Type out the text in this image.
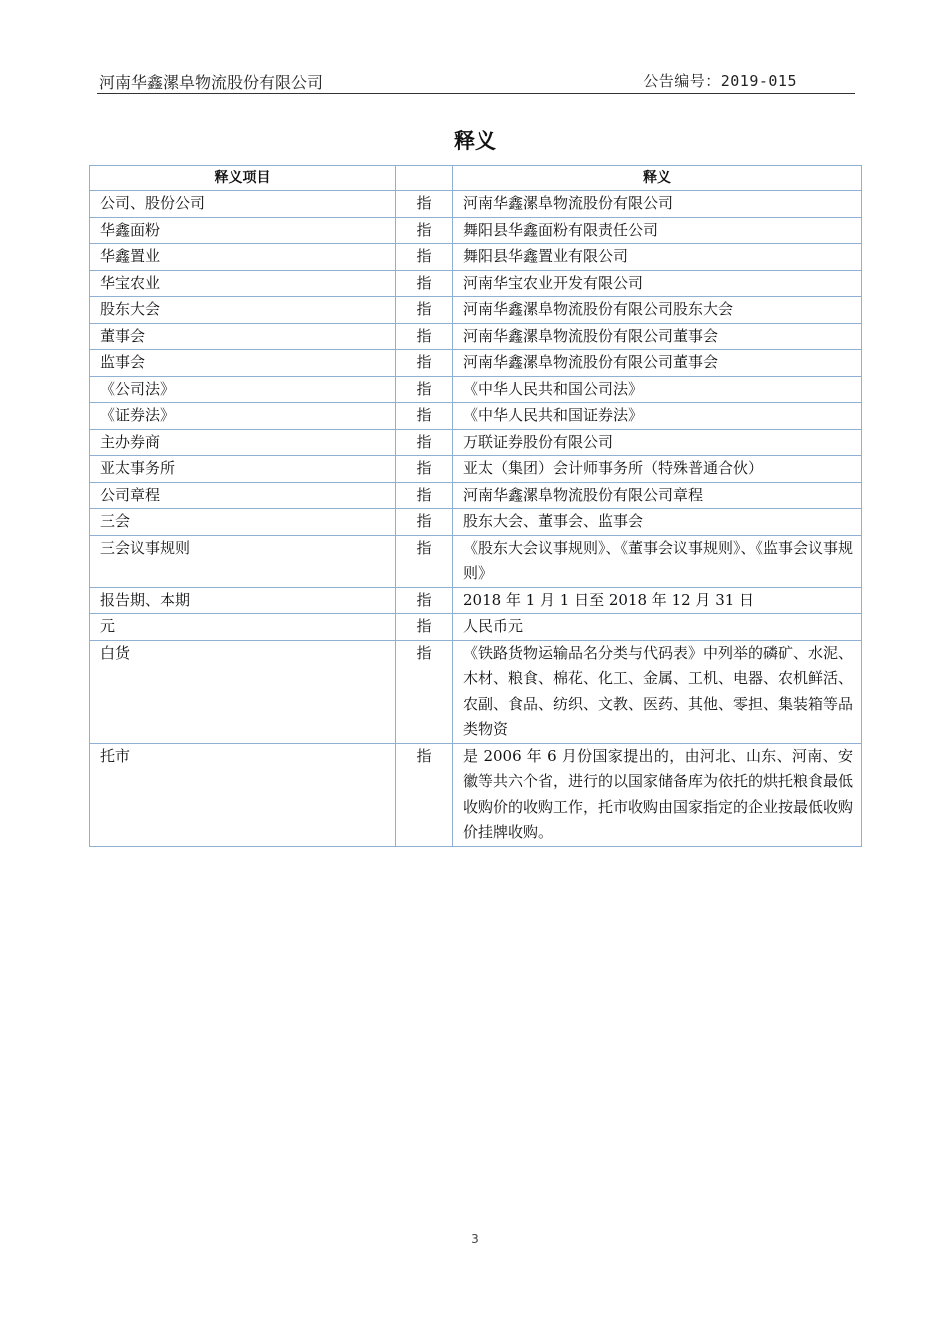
河南华鑫漯阜物流股份有限公司	公告编号：2019-015
释义
释义项目		释义
公司、股份公司	指	河南华鑫漯阜物流股份有限公司
华鑫面粉	指	舞阳县华鑫面粉有限责任公司
华鑫置业	指	舞阳县华鑫置业有限公司
华宝农业	指	河南华宝农业开发有限公司
股东大会	指	河南华鑫漯阜物流股份有限公司股东大会
董事会	指	河南华鑫漯阜物流股份有限公司董事会
监事会	指	河南华鑫漯阜物流股份有限公司董事会
《公司法》	指	《中华人民共和国公司法》
《证券法》	指	《中华人民共和国证券法》
主办券商	指	万联证券股份有限公司
亚太事务所	指	亚太（集团）会计师事务所（特殊普通合伙）
公司章程	指	河南华鑫漯阜物流股份有限公司章程
三会	指	股东大会、董事会、监事会
三会议事规则	指	《股东大会议事规则》、《董事会议事规则》、《监事会议事规则》
报告期、本期	指	2018 年 1 月 1 日至 2018 年 12 月 31 日
元	指	人民币元
白货	指	《铁路货物运输品名分类与代码表》中列举的磷矿、水泥、木材、粮食、棉花、化工、金属、工机、电器、农机鲜活、农副、食品、纺织、文教、医药、其他、零担、集装箱等品类物资
托市	指	是 2006 年 6 月份国家提出的，由河北、山东、河南、安徽等共六个省，进行的以国家储备库为依托的烘托粮食最低收购价的收购工作，托市收购由国家指定的企业按最低收购价挂牌收购。
3
